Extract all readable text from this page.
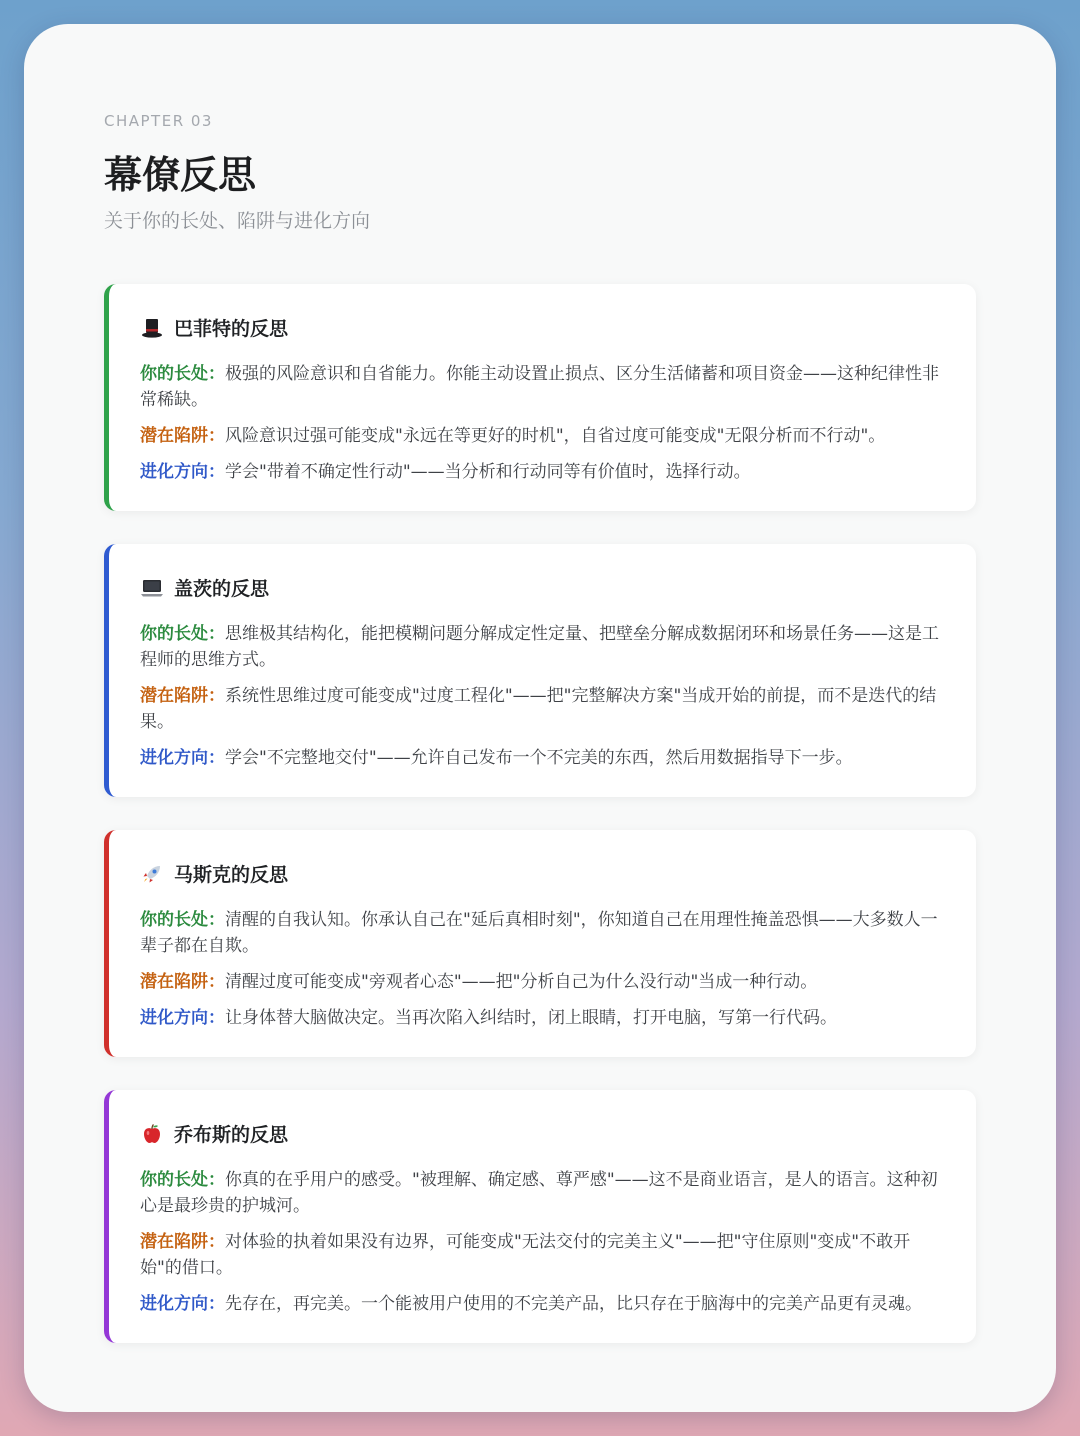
CHAPTER 03
幕僚反思
关于你的长处、陷阱与进化方向
巴菲特的反思
你的长处：极强的风险意识和自省能力。你能主动设置止损点、区分生活储蓄和项目资金——这种纪律性非常稀缺。
潜在陷阱：风险意识过强可能变成"永远在等更好的时机"，自省过度可能变成"无限分析而不行动"。
进化方向：学会"带着不确定性行动"——当分析和行动同等有价值时，选择行动。
盖茨的反思
你的长处：思维极其结构化，能把模糊问题分解成定性定量、把壁垒分解成数据闭环和场景任务——这是工程师的思维方式。
潜在陷阱：系统性思维过度可能变成"过度工程化"——把"完整解决方案"当成开始的前提，而不是迭代的结果。
进化方向：学会"不完整地交付"——允许自己发布一个不完美的东西，然后用数据指导下一步。
马斯克的反思
你的长处：清醒的自我认知。你承认自己在"延后真相时刻"，你知道自己在用理性掩盖恐惧——大多数人一辈子都在自欺。
潜在陷阱：清醒过度可能变成"旁观者心态"——把"分析自己为什么没行动"当成一种行动。
进化方向：让身体替大脑做决定。当再次陷入纠结时，闭上眼睛，打开电脑，写第一行代码。
乔布斯的反思
你的长处：你真的在乎用户的感受。"被理解、确定感、尊严感"——这不是商业语言，是人的语言。这种初心是最珍贵的护城河。
潜在陷阱：对体验的执着如果没有边界，可能变成"无法交付的完美主义"——把"守住原则"变成"不敢开始"的借口。
进化方向：先存在，再完美。一个能被用户使用的不完美产品，比只存在于脑海中的完美产品更有灵魂。
